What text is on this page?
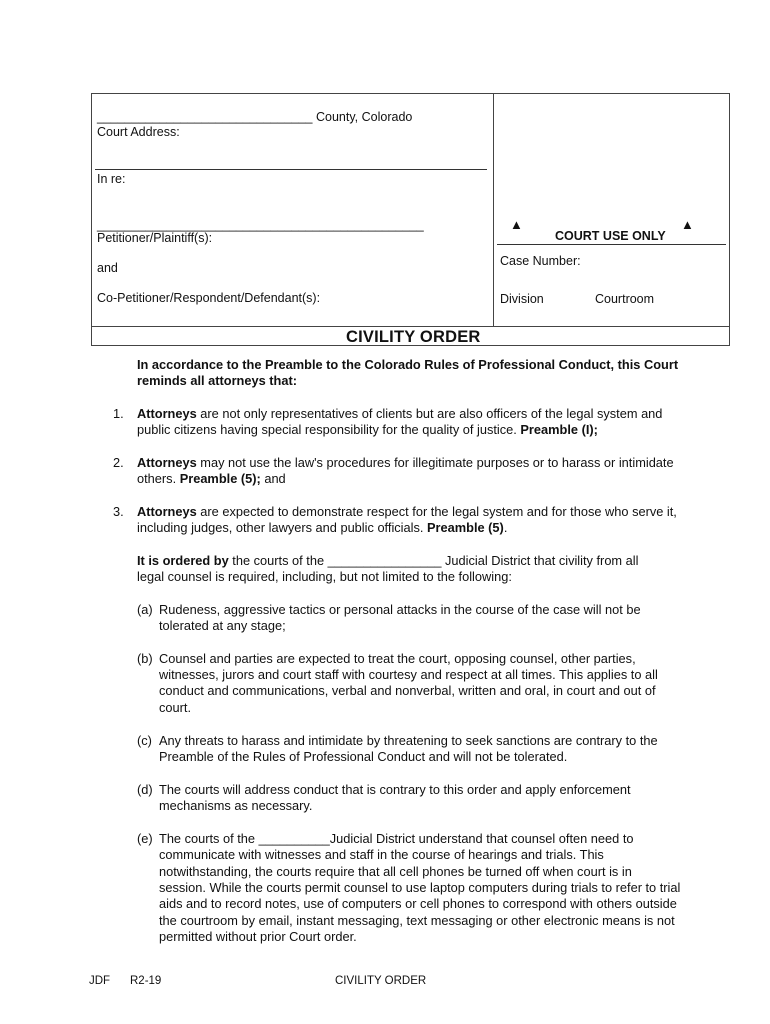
_______________________________ County, Colorado
Court Address:
In re:
_______________________________________________
Petitioner/Plaintiff(s):
and
Co-Petitioner/Respondent/Defendant(s):
▲
COURT USE ONLY
▲
Case Number:
Division	Courtroom
CIVILITY ORDER
In accordance to the Preamble to the Colorado Rules of Professional Conduct, this Court
reminds all attorneys that:
1. Attorneys are not only representatives of clients but are also officers of the legal system and
public citizens having special responsibility for the quality of justice. Preamble (I);
2. Attorneys may not use the law's procedures for illegitimate purposes or to harass or intimidate
others. Preamble (5); and
3. Attorneys are expected to demonstrate respect for the legal system and for those who serve it,
including judges, other lawyers and public officials. Preamble (5).
It is ordered by the courts of the ________________ Judicial District that civility from all
legal counsel is required, including, but not limited to the following:
(a) Rudeness, aggressive tactics or personal attacks in the course of the case will not be
tolerated at any stage;
(b) Counsel and parties are expected to treat the court, opposing counsel, other parties,
witnesses, jurors and court staff with courtesy and respect at all times. This applies to all
conduct and communications, verbal and nonverbal, written and oral, in court and out of
court.
(c) Any threats to harass and intimidate by threatening to seek sanctions are contrary to the
Preamble of the Rules of Professional Conduct and will not be tolerated.
(d) The courts will address conduct that is contrary to this order and apply enforcement
mechanisms as necessary.
(e) The courts of the __________Judicial District understand that counsel often need to
communicate with witnesses and staff in the course of hearings and trials. This
notwithstanding, the courts require that all cell phones be turned off when court is in
session. While the courts permit counsel to use laptop computers during trials to refer to trial
aids and to record notes, use of computers or cell phones to correspond with others outside
the courtroom by email, instant messaging, text messaging or other electronic means is not
permitted without prior Court order.
JDF R2-19	CIVILITY ORDER
